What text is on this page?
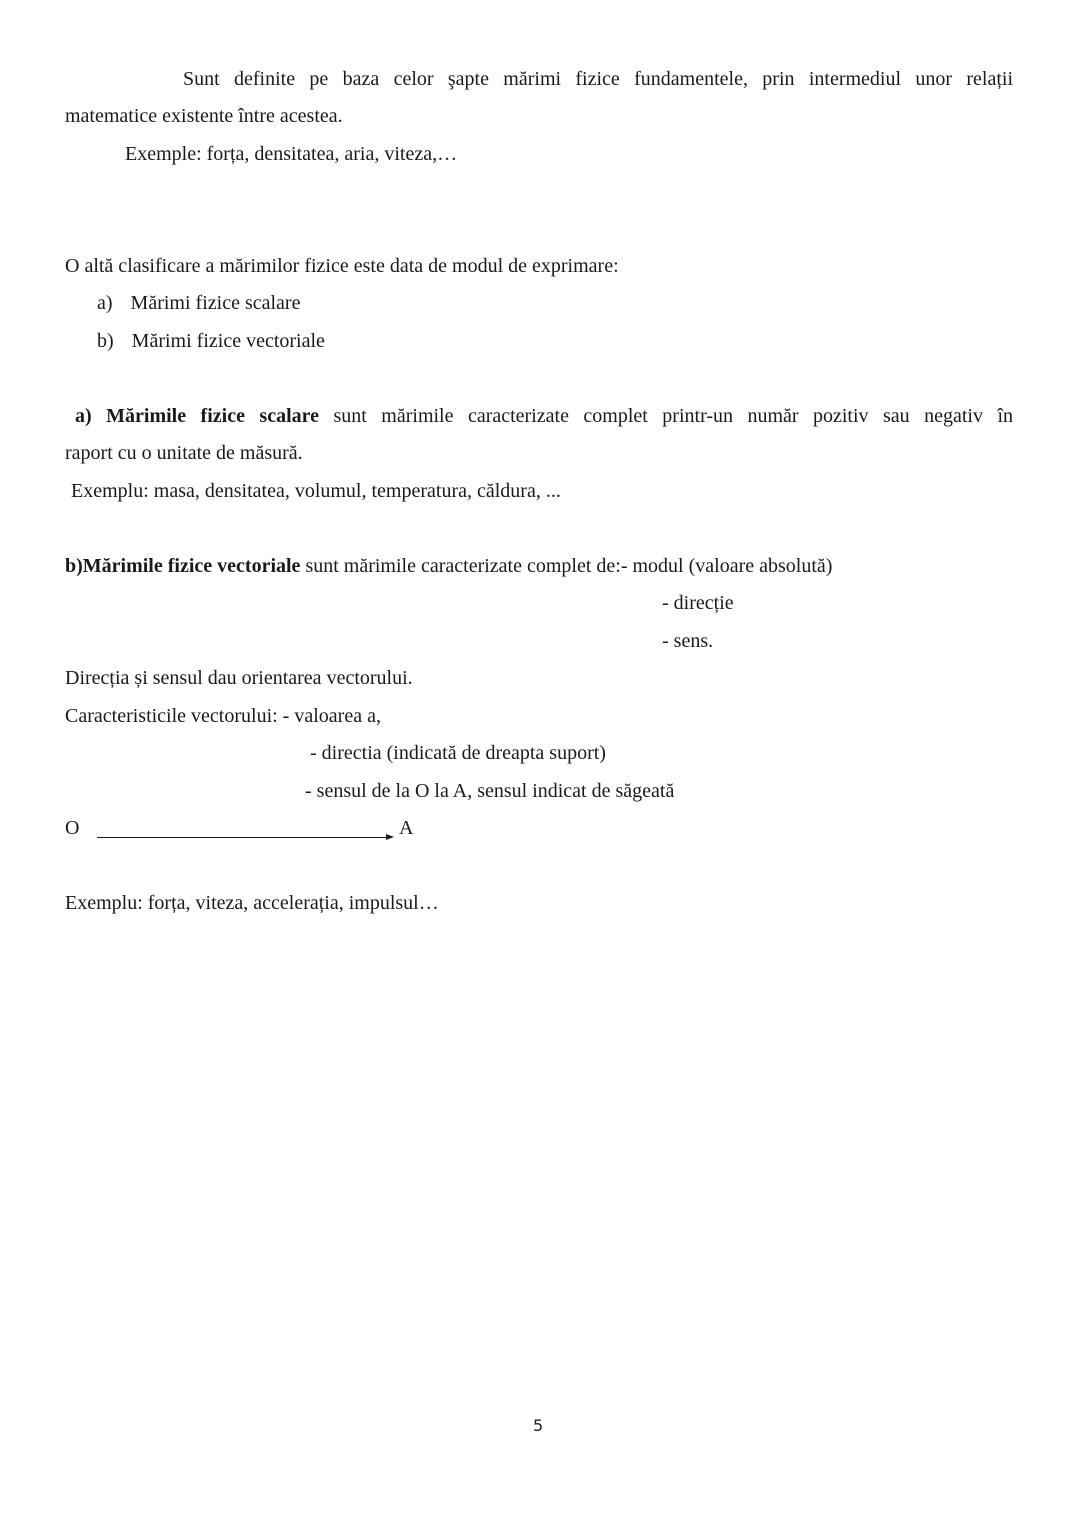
Sunt definite pe baza celor şapte mărimi fizice fundamentele, prin intermediul unor relații
matematice existente între acestea.
Exemple: forța, densitatea, aria, viteza,…
O altă clasificare a mărimilor fizice este data de modul de exprimare:
a) Mărimi fizice scalare
b) Mărimi fizice vectoriale
a) Mărimile fizice scalare sunt mărimile caracterizate complet printr-un număr pozitiv sau negativ în
raport cu o unitate de măsură.
Exemplu: masa, densitatea, volumul, temperatura, căldura, ...
b)Mărimile fizice vectoriale sunt mărimile caracterizate complet de:- modul (valoare absolută)
- direcție
- sens.
Direcția și sensul dau orientarea vectorului.
Caracteristicile vectorului: - valoarea a,
- directia (indicată de dreapta suport)
- sensul de la O la A, sensul indicat de săgeată
O	A
Exemplu: forța, viteza, accelerația, impulsul…
5
